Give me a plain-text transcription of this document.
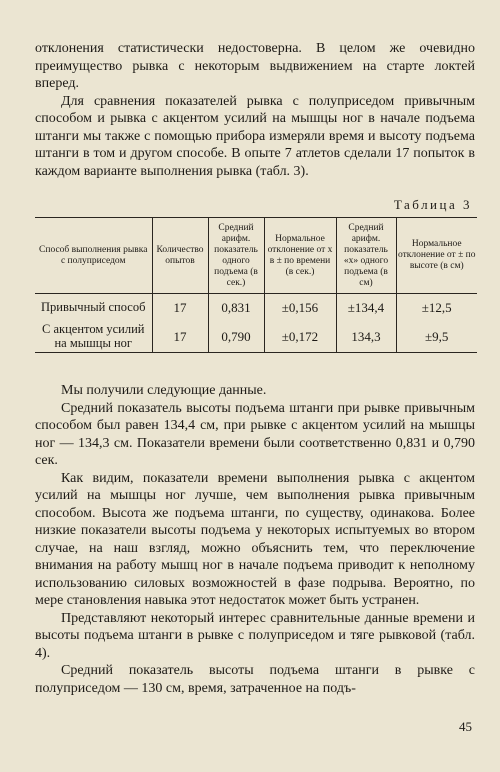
отклонения статистически недостоверна. В целом же очевидно преимущество рывка с некоторым выдвижением на старте локтей вперед.

Для сравнения показателей рывка с полуприседом привычным способом и рывка с акцентом усилий на мышцы ног в начале подъема штанги мы также с помощью прибора измеряли время и высоту подъема штанги в том и другом способе. В опыте 7 атлетов сделали 17 попыток в каждом варианте выполнения рывка (табл. 3).

Таблица 3
Способ выполнения рывка с полуприседом	Количество опытов	Средний арифм. показатель одного подъема (в сек.)	Нормальное отклонение от x в ± по времени (в сек.)	Средний арифм. показатель «x» одного подъема (в см)	Нормальное отклонение от ± по высоте (в см)
Привычный способ	17	0,831	±0,156	±134,4	±12,5
С акцентом усилий на мышцы ног	17	0,790	±0,172	134,3	±9,5

Мы получили следующие данные.

Средний показатель высоты подъема штанги при рывке привычным способом был равен 134,4 см, при рывке с акцентом усилий на мышцы ног — 134,3 см. Показатели времени были соответственно 0,831 и 0,790 сек.

Как видим, показатели времени выполнения рывка с акцентом усилий на мышцы ног лучше, чем выполнения рывка привычным способом. Высота же подъема штанги, по существу, одинакова. Более низкие показатели высоты подъема у некоторых испытуемых во втором случае, на наш взгляд, можно объяснить тем, что переключение внимания на работу мышц ног в начале подъема приводит к неполному использованию силовых возможностей в фазе подрыва. Вероятно, по мере становления навыка этот недостаток может быть устранен.

Представляют некоторый интерес сравнительные данные времени и высоты подъема штанги в рывке с полуприседом и тяге рывковой (табл. 4).

Средний показатель высоты подъема штанги в рывке с полуприседом — 130 см, время, затраченное на подъ-

45
